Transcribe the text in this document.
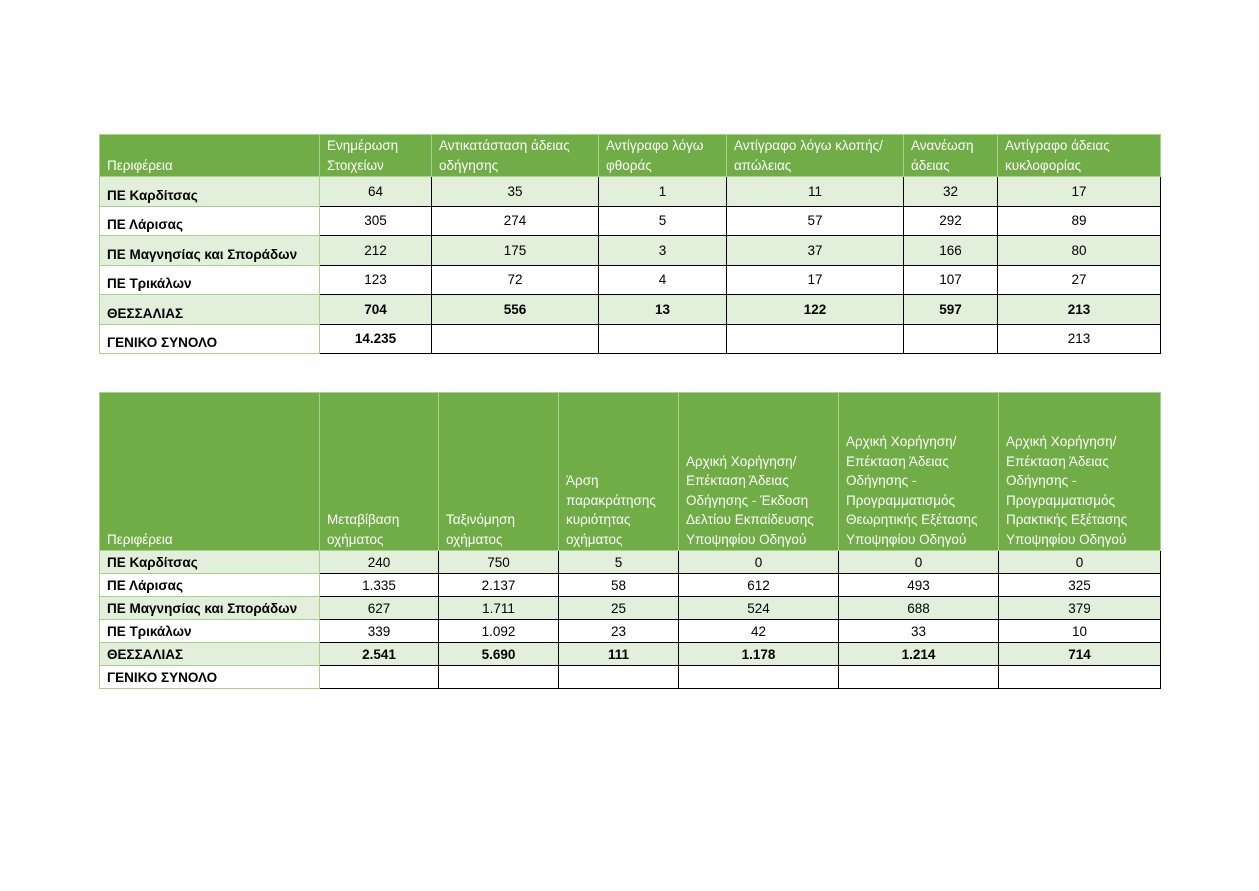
Περιφέρεια	Ενημέρωση Στοιχείων	Αντικατάσταση άδειας οδήγησης	Αντίγραφο λόγω φθοράς	Αντίγραφο λόγω κλοπής/απώλειας	Ανανέωση άδειας	Αντίγραφο άδειας κυκλοφορίας
ΠΕ Καρδίτσας	64	35	1	11	32	17
ΠΕ Λάρισας	305	274	5	57	292	89
ΠΕ Μαγνησίας και Σποράδων	212	175	3	37	166	80
ΠΕ Τρικάλων	123	72	4	17	107	27
ΘΕΣΣΑΛΙΑΣ	704	556	13	122	597	213
ΓΕΝΙΚΟ ΣΥΝΟΛΟ	14.235					213
Περιφέρεια	Μεταβίβαση οχήματος	Ταξινόμηση οχήματος	Άρση παρακράτησης κυριότητας οχήματος	Αρχική Χορήγηση/Επέκταση Άδειας Οδήγησης - Έκδοση Δελτίου Εκπαίδευσης Υποψηφίου Οδηγού	Αρχική Χορήγηση/Επέκταση Άδειας Οδήγησης - Προγραμματισμός Θεωρητικής Εξέτασης Υποψηφίου Οδηγού	Αρχική Χορήγηση/Επέκταση Άδειας Οδήγησης - Προγραμματισμός Πρακτικής Εξέτασης Υποψηφίου Οδηγού
ΠΕ Καρδίτσας	240	750	5	0	0	0
ΠΕ Λάρισας	1.335	2.137	58	612	493	325
ΠΕ Μαγνησίας και Σποράδων	627	1.711	25	524	688	379
ΠΕ Τρικάλων	339	1.092	23	42	33	10
ΘΕΣΣΑΛΙΑΣ	2.541	5.690	111	1.178	1.214	714
ΓΕΝΙΚΟ ΣΥΝΟΛΟ						
